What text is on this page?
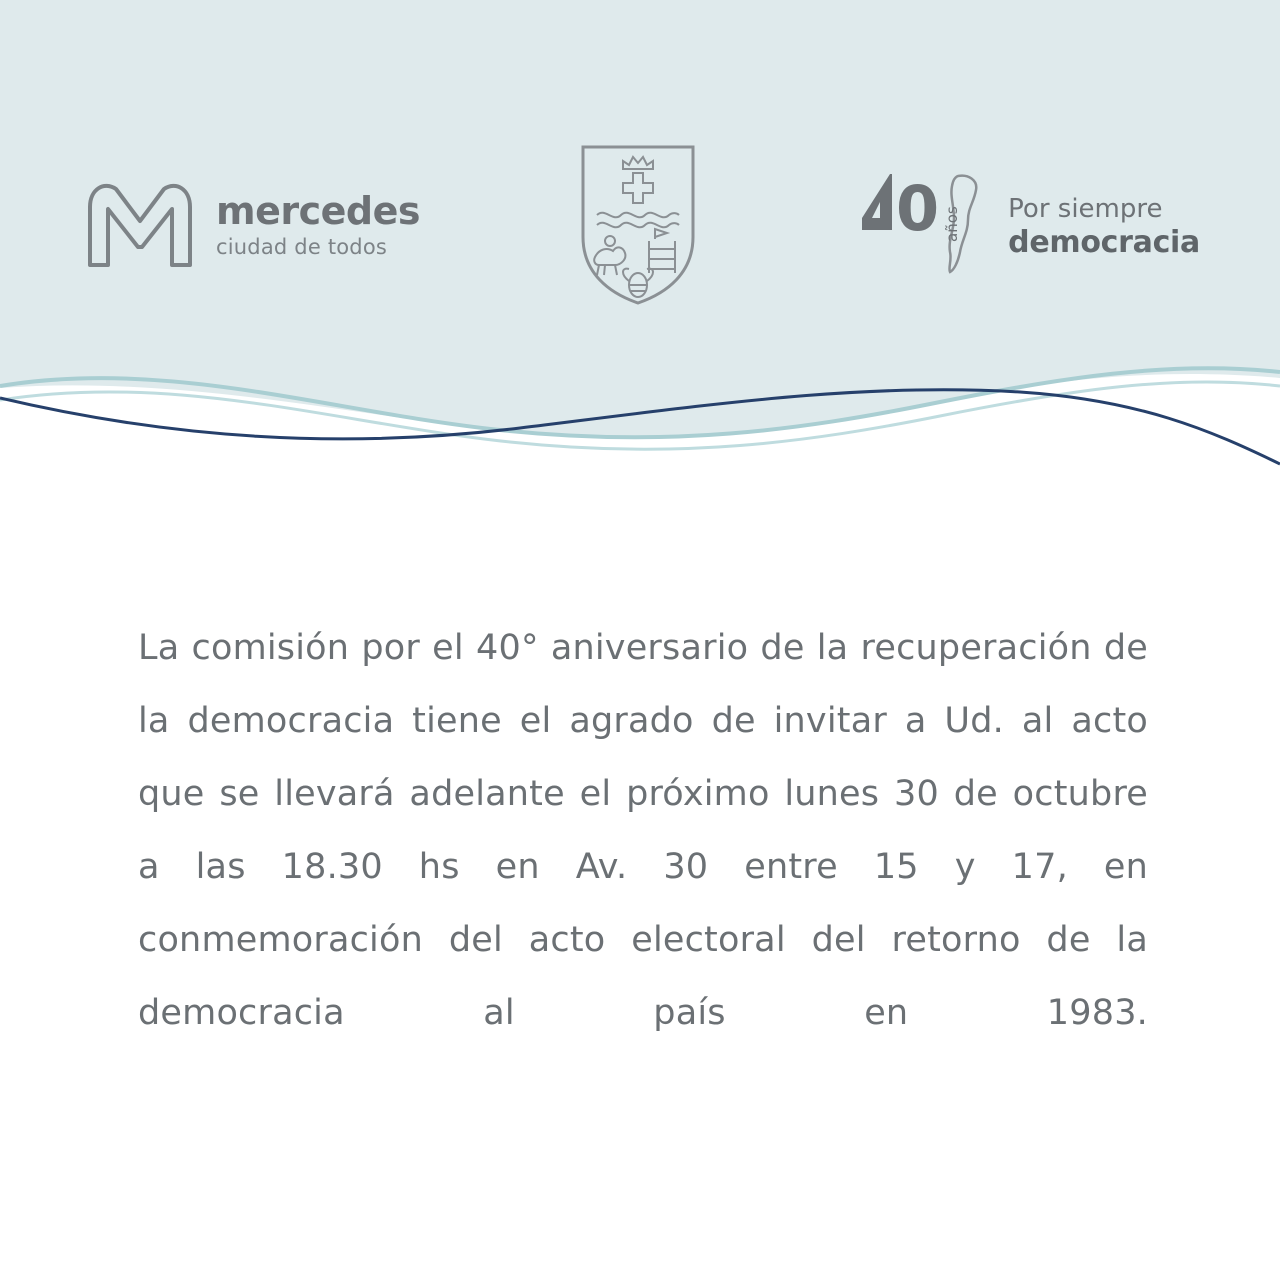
mercedes
ciudad de todos
0 años Por siempre
democracia
La comisión por el 40° aniversario de la recuperación de la democracia tiene el agrado de invitar a Ud. al acto que se llevará adelante el próximo lunes 30 de octubre a las 18.30 hs en Av. 30 entre 15 y 17, en conmemoración del acto electoral del retorno de la democracia al país en 1983.
